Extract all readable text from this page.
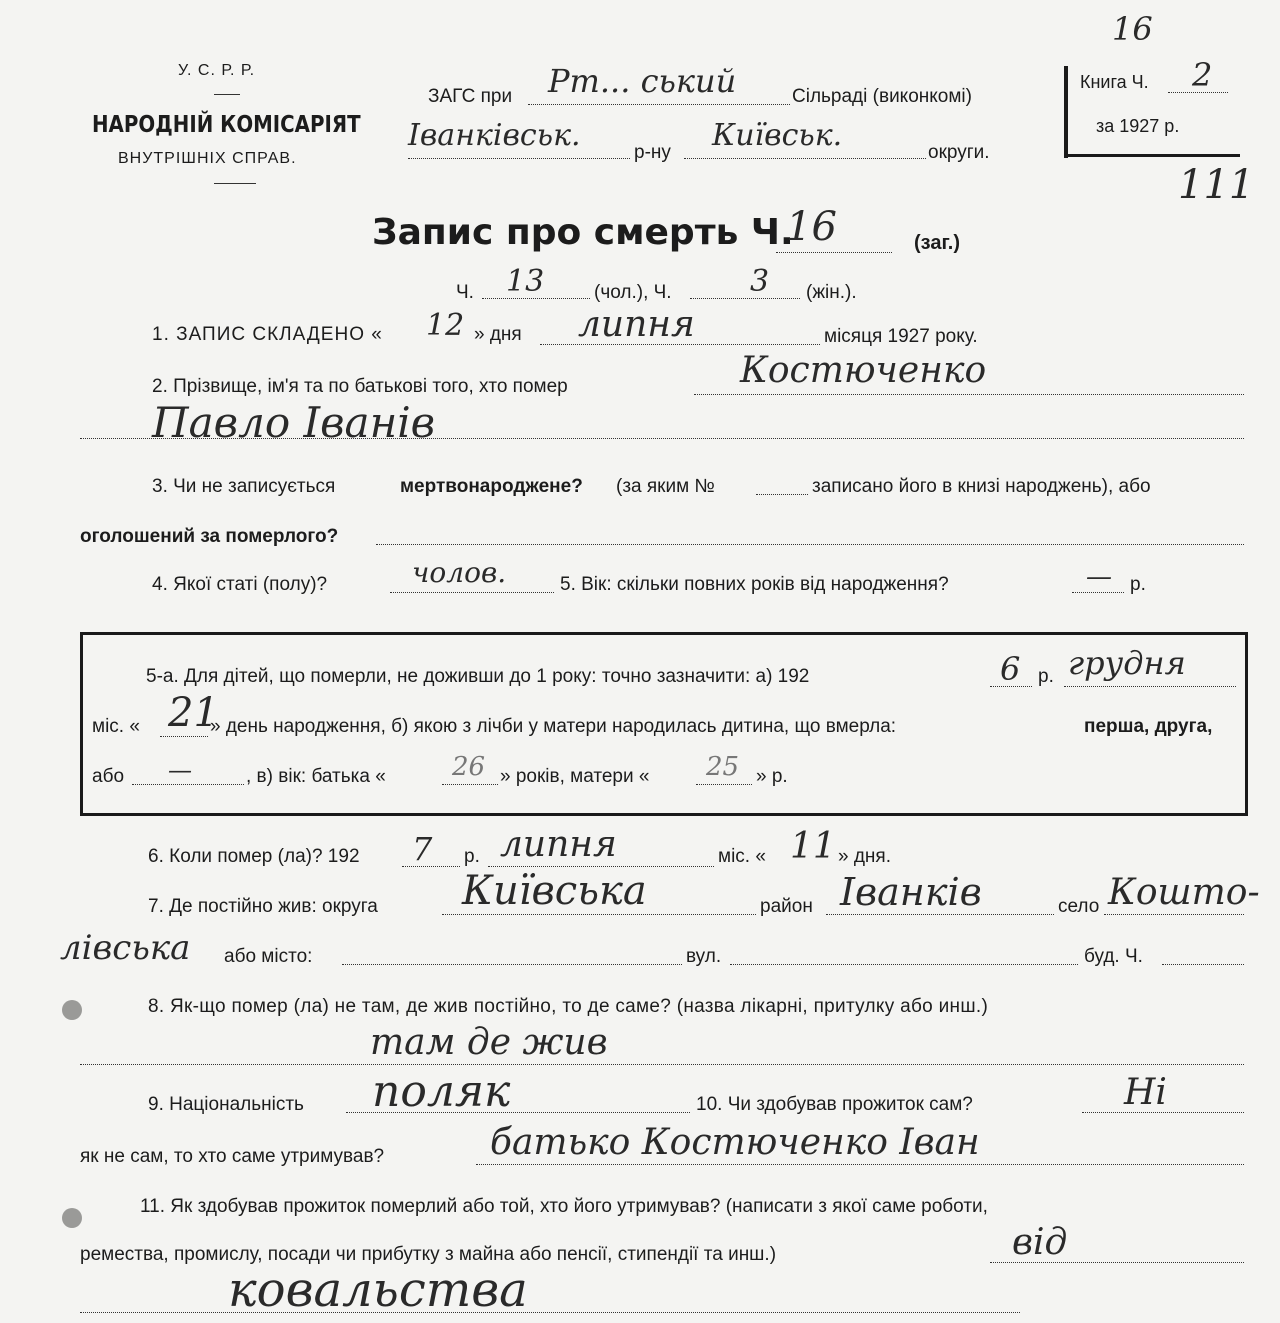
У. С. Р. Р.
НАРОДНІЙ КОМІСАРІЯТ
ВНУТРІШНІХ СПРАВ.
ЗАГС при Рт... ський	Сільраді (виконкомі)
Іванківськ.	р-ну Київськ.	округи.
16
Книга Ч. 2
за 1927 р.
111
Запис про смерть Ч.
16	(заг.)
Ч. 13	(чол.), Ч.	3 (жін.).
1. ЗАПИС СКЛАДЕНО « 12 » дня липня	місяця 1927 року.
2. Прізвище, ім'я та по батькові того, хто помер	Костюченко
Павло Іванів
3. Чи не записується	мертвонароджене? (за яким №	записано його в книзі народжень), або
оголошений за померлого?
4. Якої статі (полу)?	чолов.	5. Вік: скільки повних років від народження?	— р.
5-а. Для дітей, що померли, не доживши до 1 року: точно зазначити: а) 192	6 р. грудня
міс. « 21
» день народження, б) якою з лічби у матери народилась дитина, що вмерла:	перша, друга,
або —	, в) вік: батька «	26 » років, матери « 25 » р.
6. Коли помер (ла)? 192 7 р. липня	міс. « 11 » дня.
7. Де постійно жив: округа Київська	район Іванків	село Кошто-
лівська або місто:	вул.	буд. Ч.
8. Як-що помер (ла) не там, де жив постійно, то де саме? (назва лікарні, притулку або инш.)
там де жив
9. Національність поляк	10. Чи здобував прожиток сам?	Ні
як не сам, то хто саме утримував?	батько Костюченко Іван
11. Як здобував прожиток померлий або той, хто його утримував? (написати з якої саме роботи,
ремества, промислу, посади чи прибутку з майна або пенсії, стипендії та инш.)	від
ковальства
